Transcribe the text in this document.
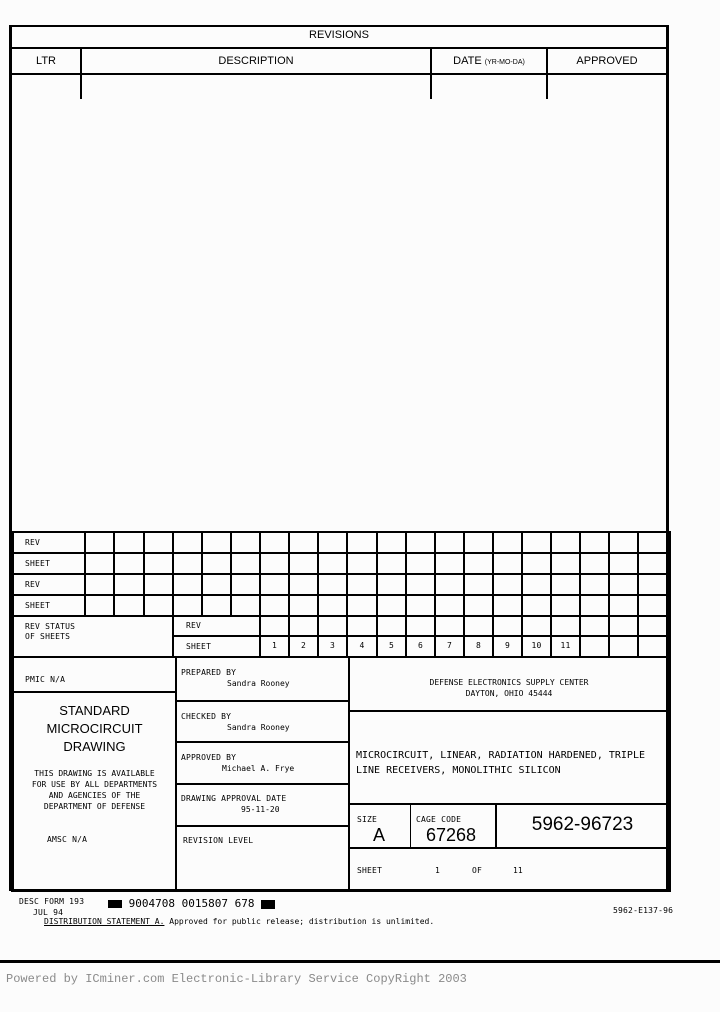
REVISIONS
LTR	DESCRIPTION	DATE (YR-MO-DA)	APPROVED
REV
SHEET
REV
SHEET
REV STATUS
OF SHEETS
REV
SHEET	1	2	3	4	5	6	7	8	9	10	11
PMIC N/A
STANDARD
MICROCIRCUIT
DRAWING
THIS DRAWING IS AVAILABLE
FOR USE BY ALL DEPARTMENTS
AND AGENCIES OF THE
DEPARTMENT OF DEFENSE
AMSC N/A
PREPARED BY
Sandra Rooney
CHECKED BY
Sandra Rooney
APPROVED BY
Michael A. Frye
DRAWING APPROVAL DATE
95-11-20
REVISION LEVEL
DEFENSE ELECTRONICS SUPPLY CENTER
DAYTON, OHIO 45444
MICROCIRCUIT, LINEAR, RADIATION HARDENED, TRIPLE
LINE RECEIVERS, MONOLITHIC SILICON
SIZE
A
CAGE CODE
67268	5962-96723
SHEET	1	OF	11
DESC FORM 193
JUL 94
9004708 0015807 678
5962-E137-96
DISTRIBUTION STATEMENT A. Approved for public release; distribution is unlimited.
Powered by ICminer.com Electronic-Library Service CopyRight 2003
